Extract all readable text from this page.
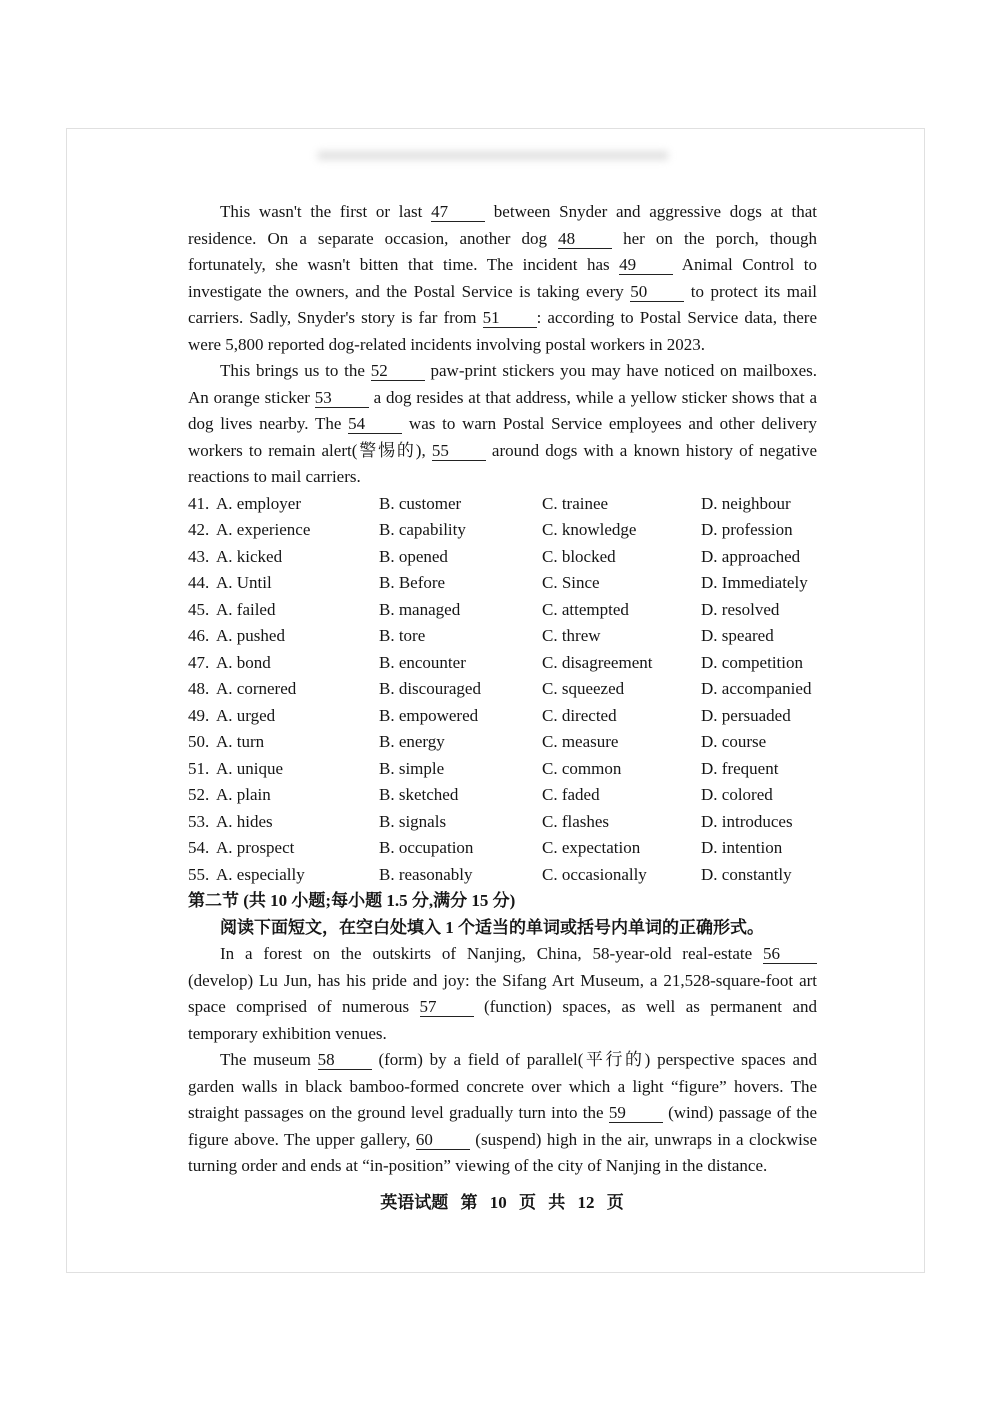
This wasn't the first or last 47	between Snyder and aggressive dogs at that
residence. On a separate occasion, another dog 48	her on the porch, though
fortunately, she wasn't bitten that time. The incident has 49	Animal Control to
investigate the owners, and the Postal Service is taking every 50	to protect its mail
carriers. Sadly, Snyder's story is far from 51 : according to Postal Service data, there
were 5,800 reported dog-related incidents involving postal workers in 2023.
This brings us to the 52	paw-print stickers you may have noticed on mailboxes.
An orange sticker 53 a dog resides at that address, while a yellow sticker shows that a
dog lives nearby. The 54	was to warn Postal Service employees and other delivery
workers to remain alert(警惕的), 55	around dogs with a known history of negative
reactions to mail carriers.
41. A. employer	B. customer	C. trainee	D. neighbour
42. A. experience	B. capability	C. knowledge	D. profession
43. A. kicked	B. opened	C. blocked	D. approached
44. A. Until	B. Before	C. Since	D. Immediately
45. A. failed	B. managed	C. attempted	D. resolved
46. A. pushed	B. tore	C. threw	D. speared
47. A. bond	B. encounter	C. disagreement	D. competition
48. A. cornered	B. discouraged	C. squeezed	D. accompanied
49. A. urged	B. empowered	C. directed	D. persuaded
50. A. turn	B. energy	C. measure	D. course
51. A. unique	B. simple	C. common	D. frequent
52. A. plain	B. sketched	C. faded	D. colored
53. A. hides	B. signals	C. flashes	D. introduces
54. A. prospect	B. occupation	C. expectation	D. intention
55. A. especially	B. reasonably	C. occasionally	D. constantly
第二节 (共 10 小题;每小题 1.5 分,满分 15 分)
阅读下面短文，在空白处填入 1 个适当的单词或括号内单词的正确形式。
In a forest on the outskirts of Nanjing, China, 58-year-old real-estate 56
(develop) Lu Jun, has his pride and joy: the Sifang Art Museum, a 21,528-square-foot art
space comprised of numerous 57	(function) spaces, as well as permanent and
temporary exhibition venues.
The museum 58	(form) by a field of parallel(平行的) perspective spaces and
garden walls in black bamboo-formed concrete over which a light “figure” hovers. The
straight passages on the ground level gradually turn into the 59 (wind) passage of the
figure above. The upper gallery, 60 (suspend) high in the air, unwraps in a clockwise
turning order and ends at “in-position” viewing of the city of Nanjing in the distance.
英语试题 第 10 页 共 12 页
